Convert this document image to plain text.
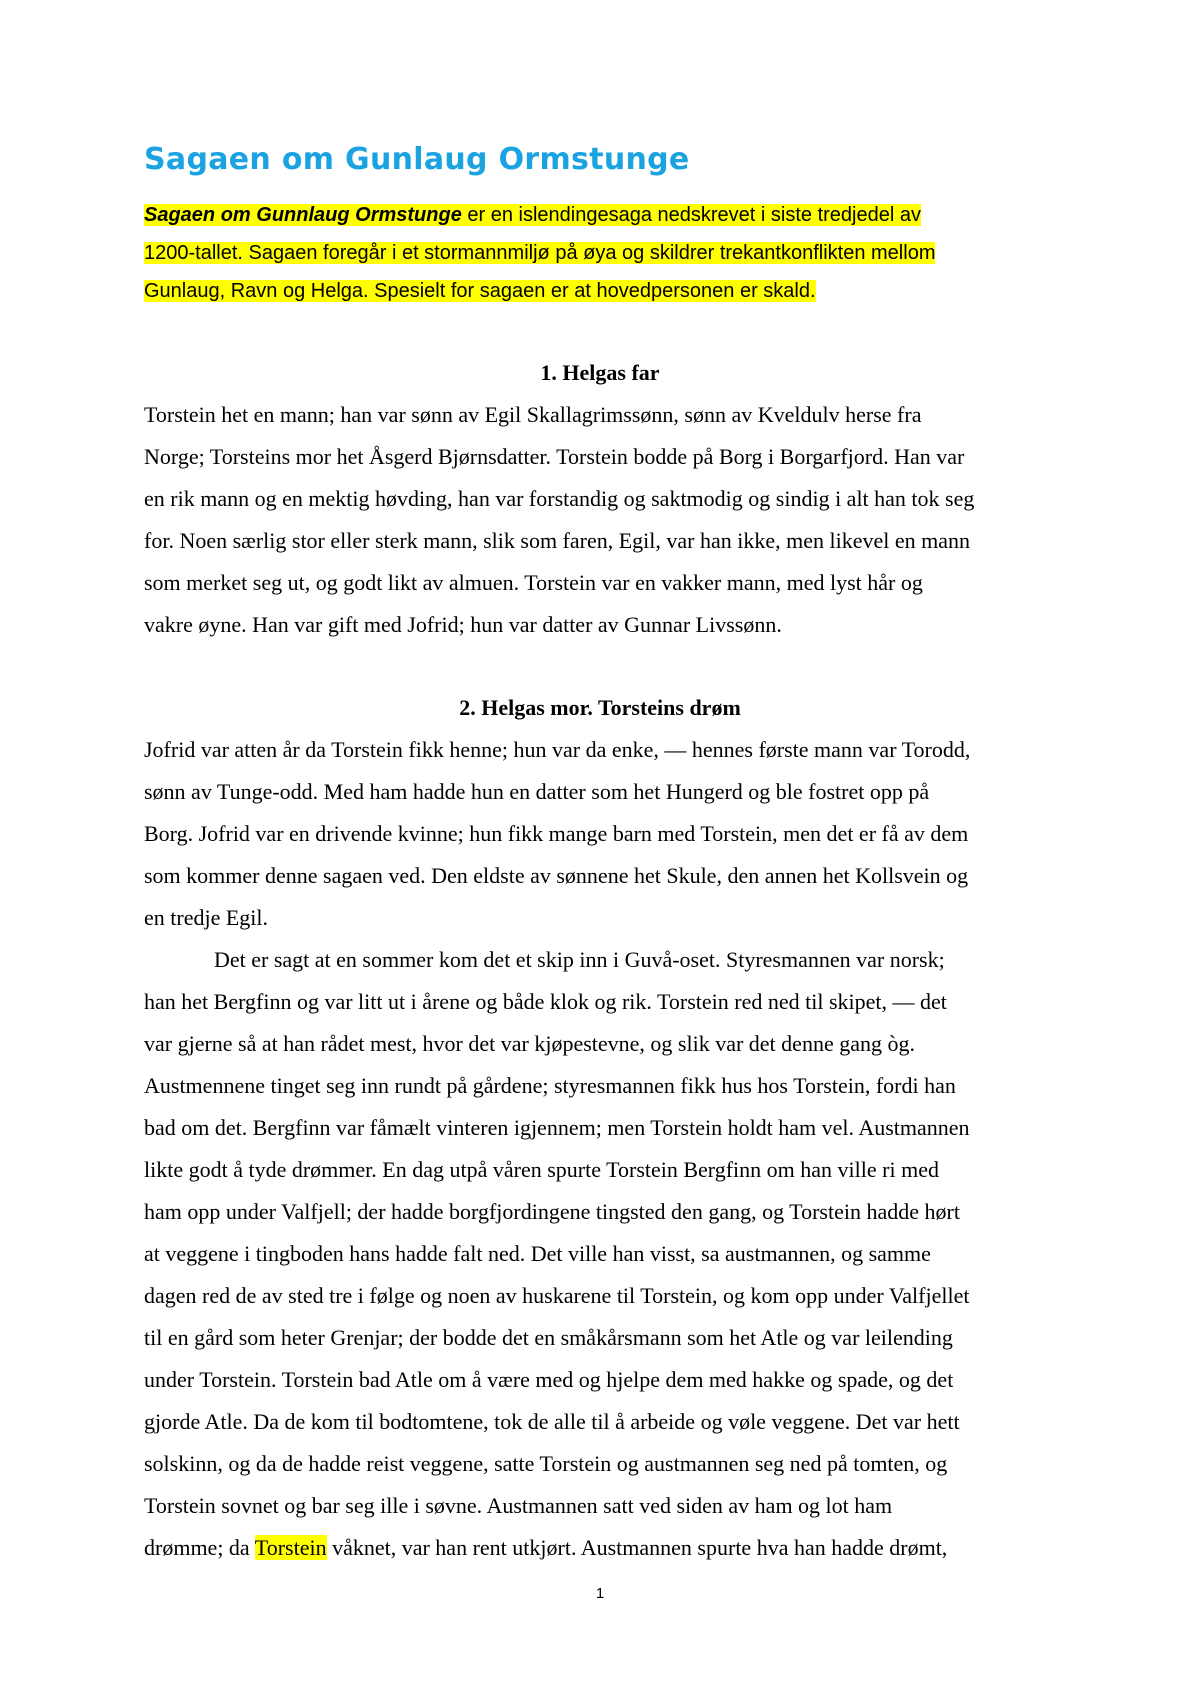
Sagaen om Gunlaug Ormstunge

Sagaen om Gunnlaug Ormstunge er en islendingesaga nedskrevet i siste tredjedel av
1200-tallet. Sagaen foregår i et stormannmiljø på øya og skildrer trekantkonflikten mellom
Gunlaug, Ravn og Helga. Spesielt for sagaen er at hovedpersonen er skald.

1. Helgas far

Torstein het en mann; han var sønn av Egil Skallagrimssønn, sønn av Kveldulv herse fra
Norge; Torsteins mor het Åsgerd Bjørnsdatter. Torstein bodde på Borg i Borgarfjord. Han var
en rik mann og en mektig høvding, han var forstandig og saktmodig og sindig i alt han tok seg
for. Noen særlig stor eller sterk mann, slik som faren, Egil, var han ikke, men likevel en mann
som merket seg ut, og godt likt av almuen. Torstein var en vakker mann, med lyst hår og
vakre øyne. Han var gift med Jofrid; hun var datter av Gunnar Livssønn.

2. Helgas mor. Torsteins drøm

Jofrid var atten år da Torstein fikk henne; hun var da enke, — hennes første mann var Torodd,
sønn av Tunge-odd. Med ham hadde hun en datter som het Hungerd og ble fostret opp på
Borg. Jofrid var en drivende kvinne; hun fikk mange barn med Torstein, men det er få av dem
som kommer denne sagaen ved. Den eldste av sønnene het Skule, den annen het Kollsvein og
en tredje Egil.

Det er sagt at en sommer kom det et skip inn i Guvå-oset. Styresmannen var norsk;
han het Bergfinn og var litt ut i årene og både klok og rik. Torstein red ned til skipet, — det
var gjerne så at han rådet mest, hvor det var kjøpestevne, og slik var det denne gang òg.
Austmennene tinget seg inn rundt på gårdene; styresmannen fikk hus hos Torstein, fordi han
bad om det. Bergfinn var fåmælt vinteren igjennem; men Torstein holdt ham vel. Austmannen
likte godt å tyde drømmer. En dag utpå våren spurte Torstein Bergfinn om han ville ri med
ham opp under Valfjell; der hadde borgfjordingene tingsted den gang, og Torstein hadde hørt
at veggene i tingboden hans hadde falt ned. Det ville han visst, sa austmannen, og samme
dagen red de av sted tre i følge og noen av huskarene til Torstein, og kom opp under Valfjellet
til en gård som heter Grenjar; der bodde det en småkårsmann som het Atle og var leilending
under Torstein. Torstein bad Atle om å være med og hjelpe dem med hakke og spade, og det
gjorde Atle. Da de kom til bodtomtene, tok de alle til å arbeide og vøle veggene. Det var hett
solskinn, og da de hadde reist veggene, satte Torstein og austmannen seg ned på tomten, og
Torstein sovnet og bar seg ille i søvne. Austmannen satt ved siden av ham og lot ham
drømme; da Torstein våknet, var han rent utkjørt. Austmannen spurte hva han hadde drømt,

1
